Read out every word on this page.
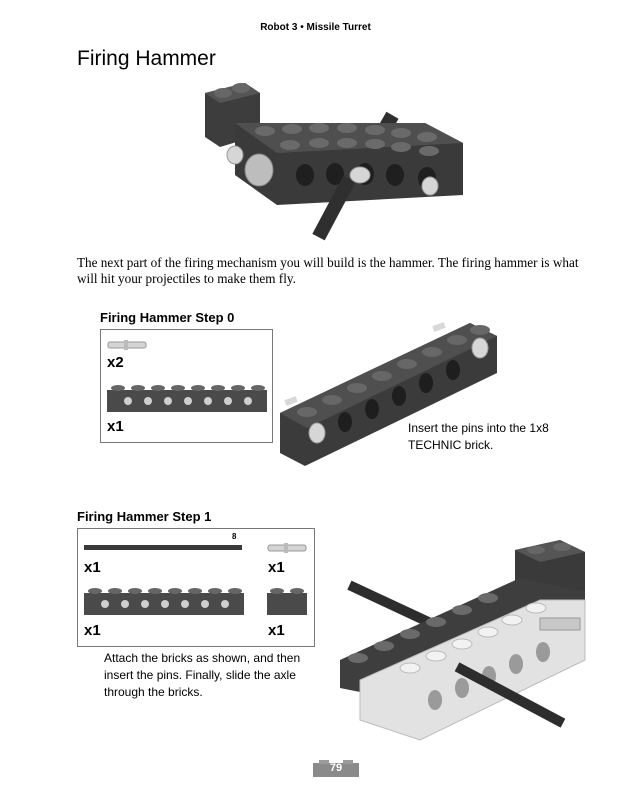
Robot 3 • Missile Turret
Firing Hammer
The next part of the firing mechanism you will build is the hammer. The firing hammer is what will hit your projectiles to make them fly.
Firing Hammer Step 0
x2
x1	Insert the pins into the 1x8 TECHNIC brick.
Firing Hammer Step 1
8
x1	x1
x1	x1
Attach the bricks as shown, and then insert the pins. Finally, slide the axle through the bricks.
79
